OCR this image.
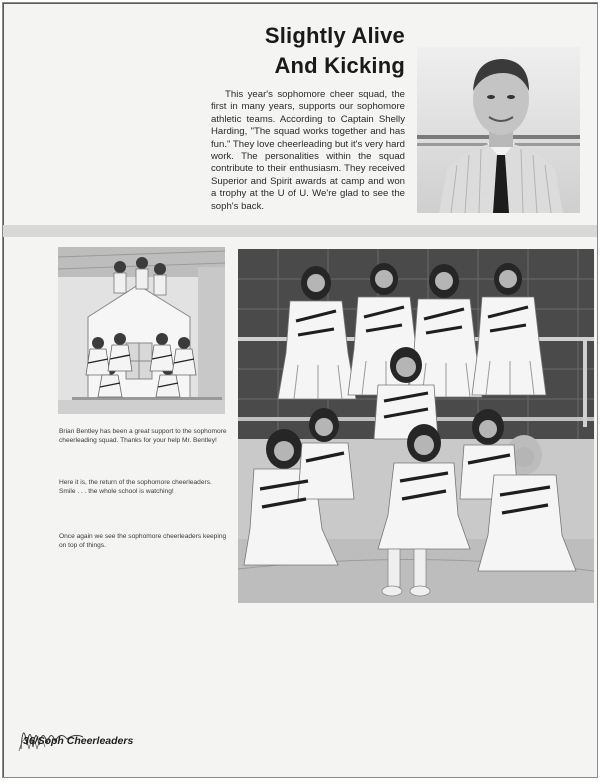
Slightly Alive
And Kicking
This year's sophomore cheer squad, the first in many years, supports our sophomore athletic teams. According to Captain Shelly Harding, "The squad works together and has fun." They love cheerleading but it's very hard work. The personalities within the squad contribute to their enthusiasm. They received Superior and Spirit awards at camp and won a trophy at the U of U. We're glad to see the soph's back.
Brian Bentley has been a great support to the sophomore cheerleading squad. Thanks for your help Mr. Bentley!
Here it is, the return of the sophomore cheerleaders. Smile . . . the whole school is watching!
Once again we see the sophomore cheerleaders keeping on top of things.
36/Soph Cheerleaders
